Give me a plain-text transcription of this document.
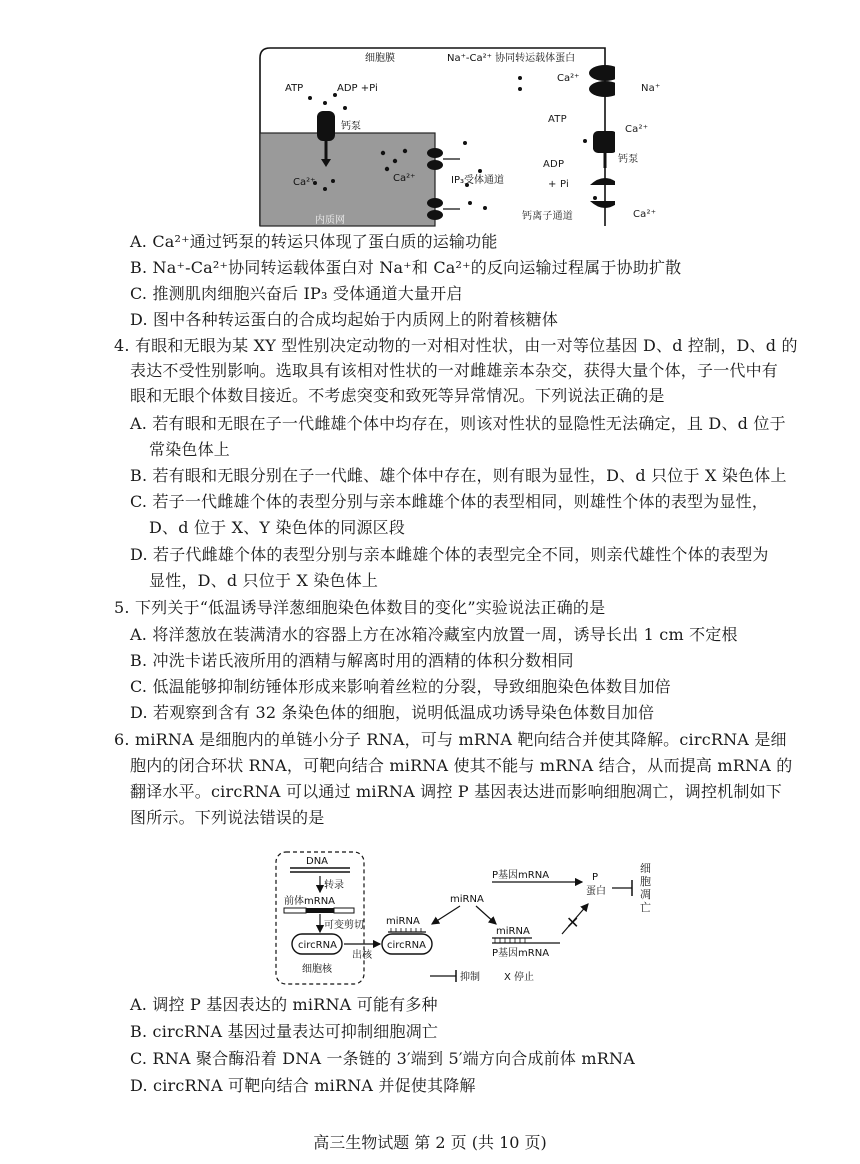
细胞膜	Na⁺-Ca²⁺ 协同转运载体蛋白
ATP	ADP +Pi
钙泵
Ca²⁺	Ca²⁺	IP₃受体通道
内质网
Ca²⁺
Na⁺
ATP
Ca²⁺
ADP	钙泵
+ Pi
钙离子通道	Ca²⁺
A. Ca²⁺通过钙泵的转运只体现了蛋白质的运输功能
B. Na⁺-Ca²⁺协同转运载体蛋白对 Na⁺和 Ca²⁺的反向运输过程属于协助扩散
C. 推测肌肉细胞兴奋后 IP₃ 受体通道大量开启
D. 图中各种转运蛋白的合成均起始于内质网上的附着核糖体
4. 有眼和无眼为某 XY 型性别决定动物的一对相对性状，由一对等位基因 D、d 控制，D、d 的
表达不受性别影响。选取具有该相对性状的一对雌雄亲本杂交，获得大量个体，子一代中有
眼和无眼个体数目接近。不考虑突变和致死等异常情况。下列说法正确的是
A. 若有眼和无眼在子一代雌雄个体中均存在，则该对性状的显隐性无法确定，且 D、d 位于
常染色体上
B. 若有眼和无眼分别在子一代雌、雄个体中存在，则有眼为显性，D、d 只位于 X 染色体上
C. 若子一代雌雄个体的表型分别与亲本雌雄个体的表型相同，则雄性个体的表型为显性，
D、d 位于 X、Y 染色体的同源区段
D. 若子代雌雄个体的表型分别与亲本雌雄个体的表型完全不同，则亲代雄性个体的表型为
显性，D、d 只位于 X 染色体上
5. 下列关于“低温诱导洋葱细胞染色体数目的变化”实验说法正确的是
A. 将洋葱放在装满清水的容器上方在冰箱冷藏室内放置一周，诱导长出 1 cm 不定根
B. 冲洗卡诺氏液所用的酒精与解离时用的酒精的体积分数相同
C. 低温能够抑制纺锤体形成来影响着丝粒的分裂，导致细胞染色体数目加倍
D. 若观察到含有 32 条染色体的细胞，说明低温成功诱导染色体数目加倍
6. miRNA 是细胞内的单链小分子 RNA，可与 mRNA 靶向结合并使其降解。circRNA 是细
胞内的闭合环状 RNA，可靶向结合 miRNA 使其不能与 mRNA 结合，从而提高 mRNA 的
翻译水平。circRNA 可以通过 miRNA 调控 P 基因表达进而影响细胞凋亡，调控机制如下
图所示。下列说法错误的是
✕
DNA
转录
前体mRNA
可变剪切
circRNA
细胞核
出核
miRNA
circRNA
miRNA
P基因mRNA	P
蛋白
miRNA
P基因mRNA
抑制 X 停止
细胞凋亡
A. 调控 P 基因表达的 miRNA 可能有多种
B. circRNA 基因过量表达可抑制细胞凋亡
C. RNA 聚合酶沿着 DNA 一条链的 3′端到 5′端方向合成前体 mRNA
D. circRNA 可靶向结合 miRNA 并促使其降解
高三生物试题 第 2 页 (共 10 页)
